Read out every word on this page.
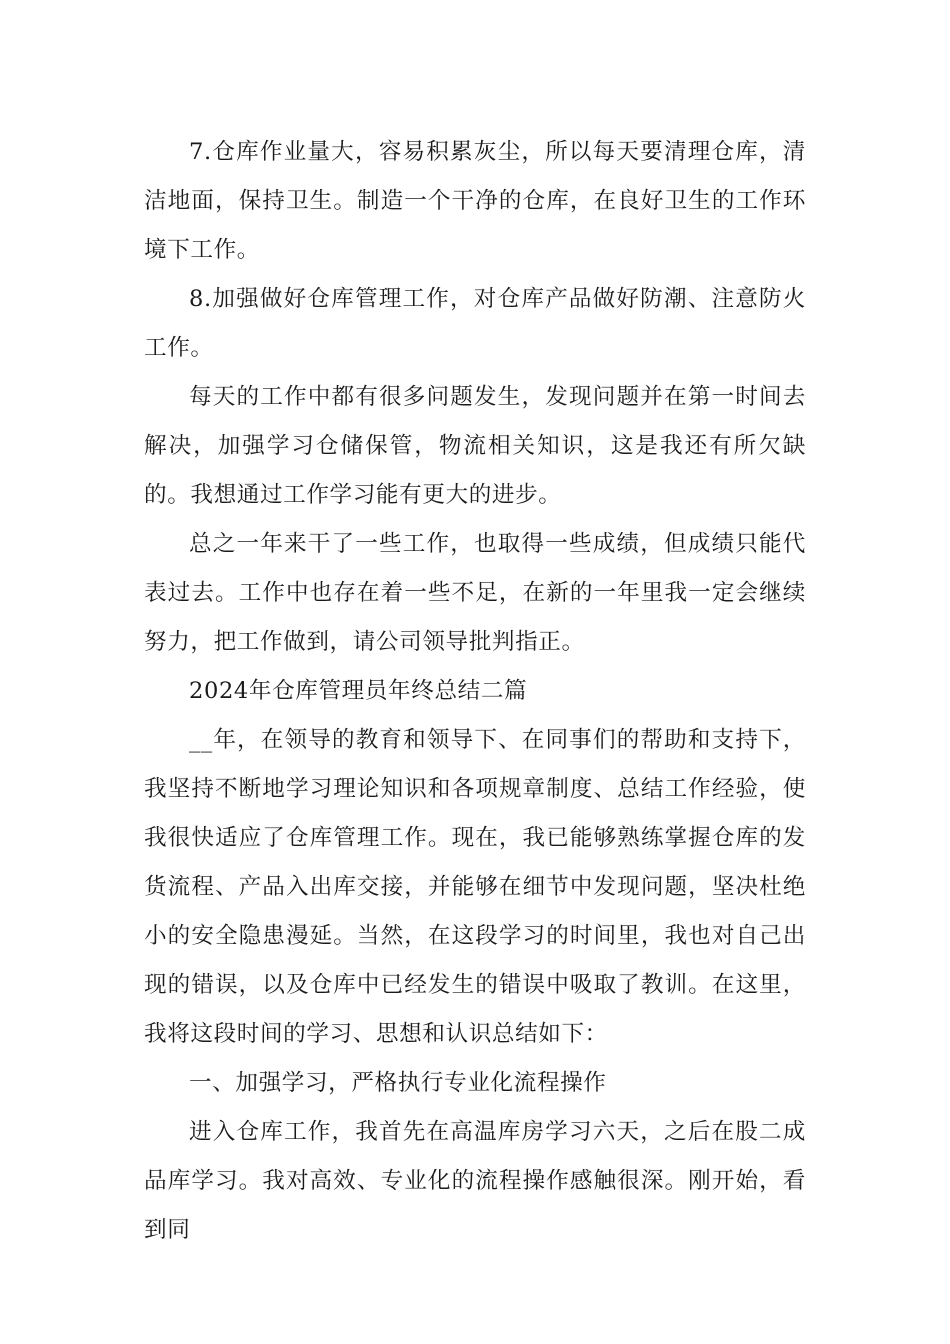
7.仓库作业量大，容易积累灰尘，所以每天要清理仓库，清洁地面，保持卫生。制造一个干净的仓库，在良好卫生的工作环境下工作。

8.加强做好仓库管理工作，对仓库产品做好防潮、注意防火工作。

每天的工作中都有很多问题发生，发现问题并在第一时间去解决，加强学习仓储保管，物流相关知识，这是我还有所欠缺的。我想通过工作学习能有更大的进步。

总之一年来干了一些工作，也取得一些成绩，但成绩只能代表过去。工作中也存在着一些不足，在新的一年里我一定会继续努力，把工作做到，请公司领导批判指正。

2024年仓库管理员年终总结二篇

__年，在领导的教育和领导下、在同事们的帮助和支持下，我坚持不断地学习理论知识和各项规章制度、总结工作经验，使我很快适应了仓库管理工作。现在，我已能够熟练掌握仓库的发货流程、产品入出库交接，并能够在细节中发现问题，坚决杜绝小的安全隐患漫延。当然，在这段学习的时间里，我也对自己出现的错误，以及仓库中已经发生的错误中吸取了教训。在这里，我将这段时间的学习、思想和认识总结如下：

一、加强学习，严格执行专业化流程操作

进入仓库工作，我首先在高温库房学习六天，之后在股二成品库学习。我对高效、专业化的流程操作感触很深。刚开始，看到同
